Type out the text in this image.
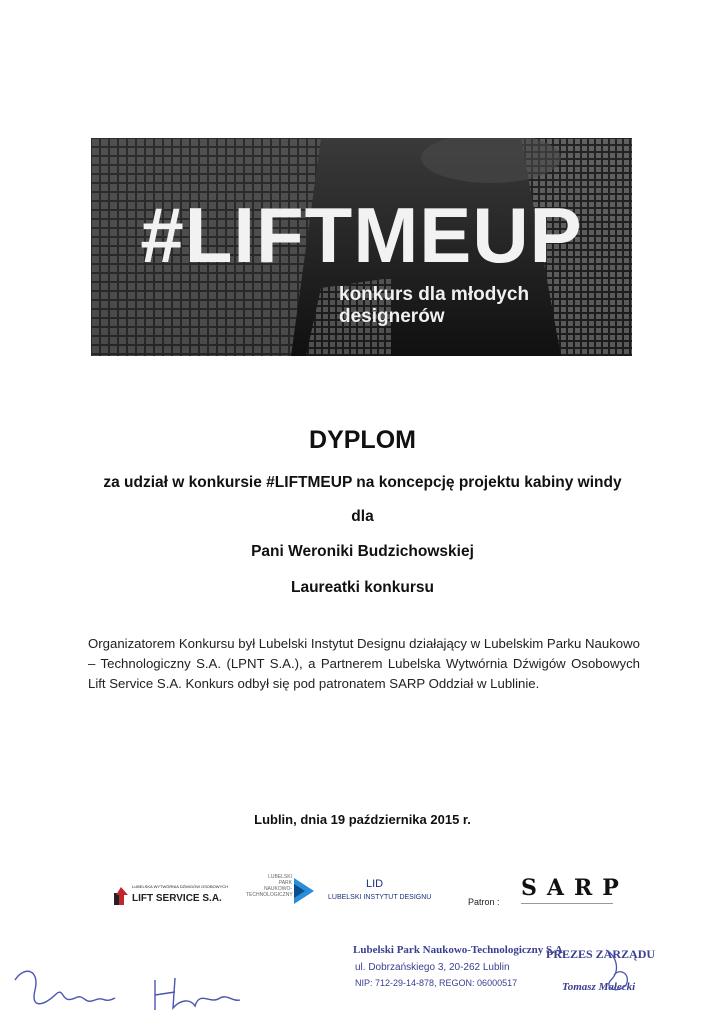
#LIFTMEUP
konkurs dla młodych designerów
DYPLOM
za udział w konkursie #LIFTMEUP na koncepcję projektu kabiny windy
dla
Pani Weroniki Budzichowskiej
Laureatki konkursu
Organizatorem Konkursu był Lubelski Instytut Designu działający w Lubelskim Parku Naukowo – Technologiczny S.A. (LPNT S.A.), a Partnerem Lubelska Wytwórnia Dźwigów Osobowych Lift Service S.A. Konkurs odbył się pod patronatem SARP Oddział w Lublinie.
Lublin, dnia 19 października 2015 r.
LUBELSKA WYTWÓRNIA DŹWIGÓW OSOBOWYCH
LIFT SERVICE S.A.
LUBELSKI
PARK
NAUKOWO-
TECHNOLOGICZNY
LID
LUBELSKI INSTYTUT DESIGNU	Patron :
SARP
Lubelski Park Naukowo-Technologiczny S.A.
ul. Dobrzańskiego 3, 20-262 Lublin
NIP: 712-29-14-878, REGON: 06000517
PREZES ZARZĄDU
Tomasz Małecki
